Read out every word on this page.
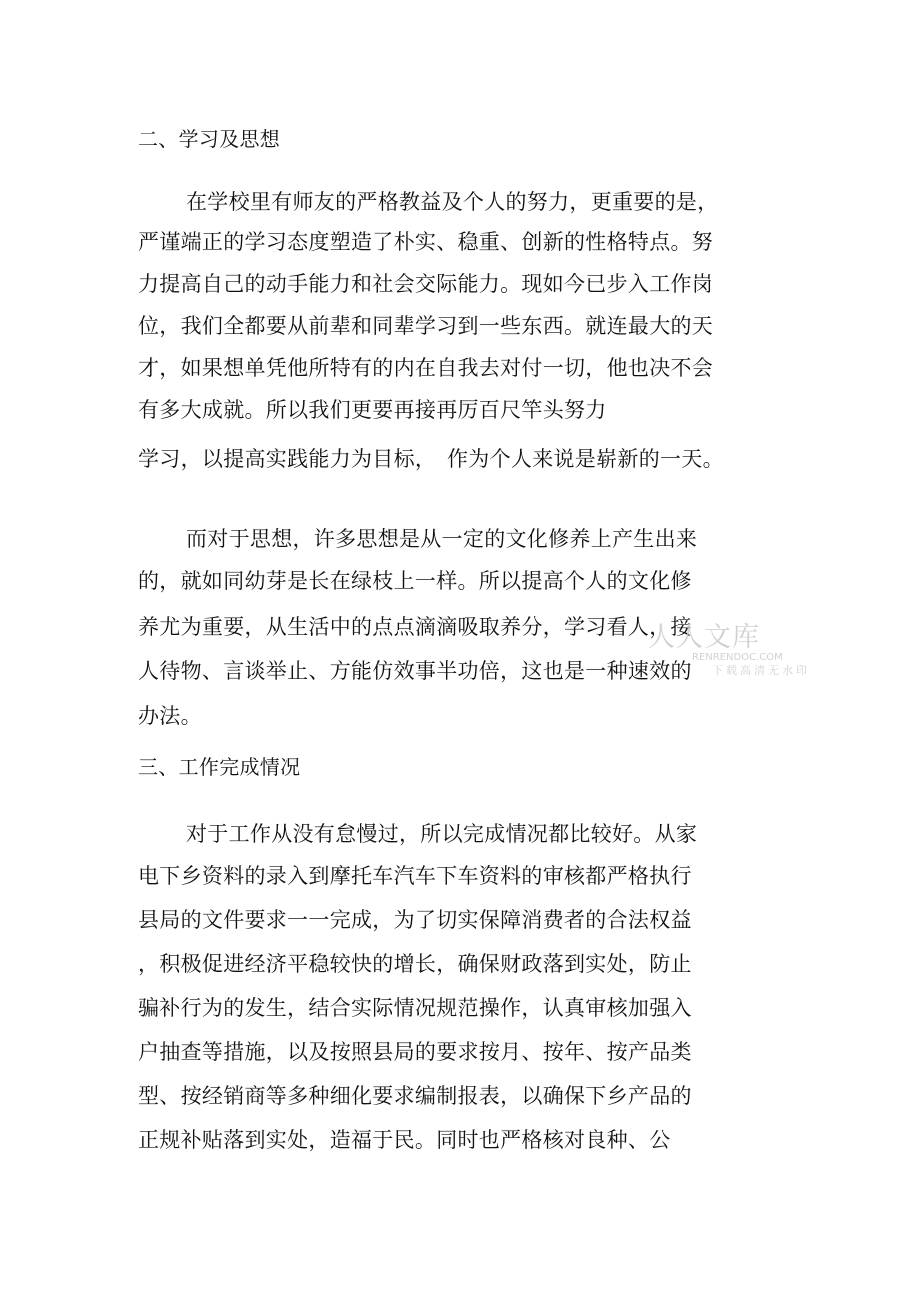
二、学习及思想
在学校里有师友的严格教益及个人的努力，更重要的是，
严谨端正的学习态度塑造了朴实、稳重、创新的性格特点。努
力提高自己的动手能力和社会交际能力。现如今已步入工作岗
位，我们全都要从前辈和同辈学习到一些东西。就连最大的天
才，如果想单凭他所特有的内在自我去对付一切，他也决不会
有多大成就。所以我们更要再接再厉百尺竿头努力
学习，以提高实践能力为目标，　作为个人来说是崭新的一天。
而对于思想，许多思想是从一定的文化修养上产生出来
的，就如同幼芽是长在绿枝上一样。所以提高个人的文化修
养尤为重要，从生活中的点点滴滴吸取养分，学习看人，接
人待物、言谈举止、方能仿效事半功倍，这也是一种速效的
办法。
三、工作完成情况
对于工作从没有怠慢过，所以完成情况都比较好。从家
电下乡资料的录入到摩托车汽车下车资料的审核都严格执行
县局的文件要求一一完成，为了切实保障消费者的合法权益
，积极促进经济平稳较快的增长，确保财政落到实处，防止
骗补行为的发生，结合实际情况规范操作，认真审核加强入
户抽查等措施，以及按照县局的要求按月、按年、按产品类
型、按经销商等多种细化要求编制报表，以确保下乡产品的
正规补贴落到实处，造福于民。同时也严格核对良种、公
人人文库
RENRENDOC.COM
下载高清无水印
